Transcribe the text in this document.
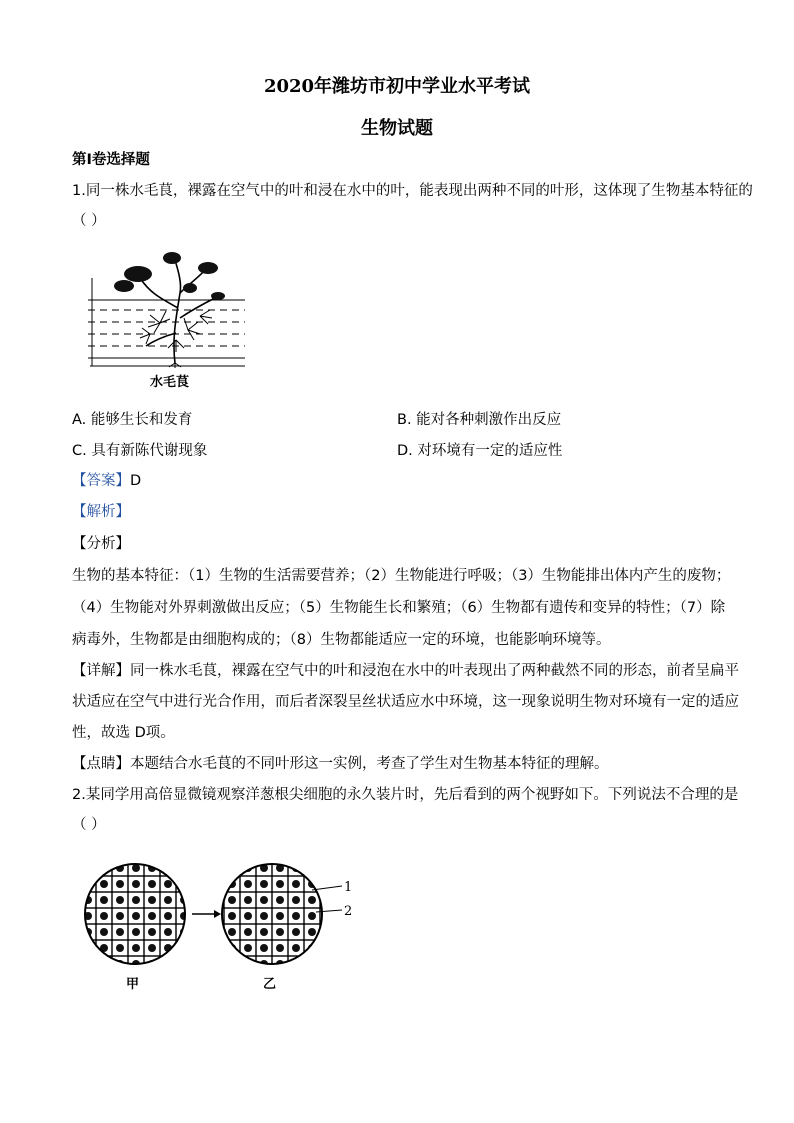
2020年潍坊市初中学业水平考试
生物试题
第Ⅰ卷选择题
1.同一株水毛茛，裸露在空气中的叶和浸在水中的叶，能表现出两种不同的叶形，这体现了生物基本特征的
（ ）
水毛茛
A. 能够生长和发育	B. 能对各种刺激作出反应
C. 具有新陈代谢现象	D. 对环境有一定的适应性
【答案】D
【解析】
【分析】
生物的基本特征：（1）生物的生活需要营养；（2）生物能进行呼吸；（3）生物能排出体内产生的废物；
（4）生物能对外界刺激做出反应；（5）生物能生长和繁殖；（6）生物都有遗传和变异的特性；（7）除
病毒外，生物都是由细胞构成的；（8）生物都能适应一定的环境，也能影响环境等。
【详解】同一株水毛茛，裸露在空气中的叶和浸泡在水中的叶表现出了两种截然不同的形态，前者呈扁平
状适应在空气中进行光合作用，而后者深裂呈丝状适应水中环境，这一现象说明生物对环境有一定的适应
性，故选 D项。
【点睛】本题结合水毛茛的不同叶形这一实例，考查了学生对生物基本特征的理解。
2.某同学用高倍显微镜观察洋葱根尖细胞的永久装片时，先后看到的两个视野如下。下列说法不合理的是
（ ）
1
2
甲	乙
